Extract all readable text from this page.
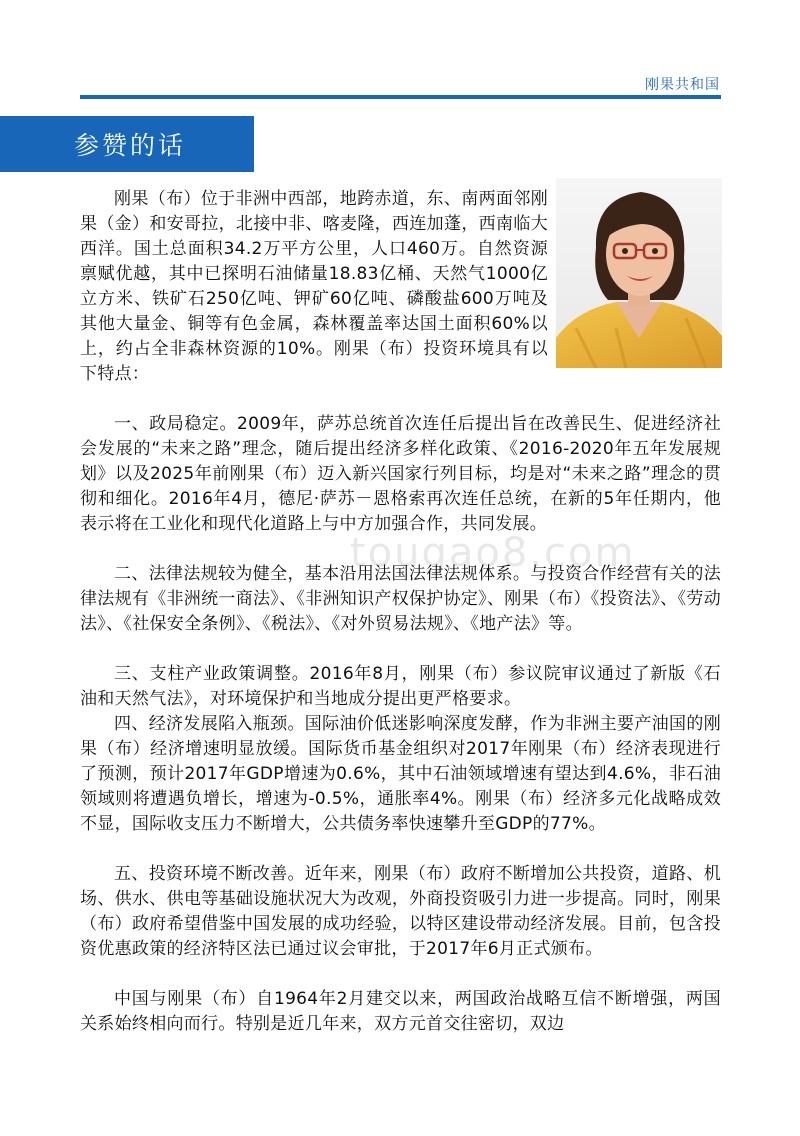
刚果共和国
参赞的话
tougao8.com

刚果（布）位于非洲中西部，地跨赤道，东、南两面邻刚果（金）和安哥拉，北接中非、喀麦隆，西连加蓬，西南临大西洋。国土总面积34.2万平方公里，人口460万。自然资源禀赋优越，其中已探明石油储量18.83亿桶、天然气1000亿立方米、铁矿石250亿吨、钾矿60亿吨、磷酸盐600万吨及其他大量金、铜等有色金属，森林覆盖率达国土面积60%以上，约占全非森林资源的10%。刚果（布）投资环境具有以下特点：

一、政局稳定。2009年，萨苏总统首次连任后提出旨在改善民生、促进经济社会发展的“未来之路”理念，随后提出经济多样化政策、《2016-2020年五年发展规划》以及2025年前刚果（布）迈入新兴国家行列目标，均是对“未来之路”理念的贯彻和细化。2016年4月，德尼·萨苏－恩格索再次连任总统，在新的5年任期内，他表示将在工业化和现代化道路上与中方加强合作，共同发展。

二、法律法规较为健全，基本沿用法国法律法规体系。与投资合作经营有关的法律法规有《非洲统一商法》、《非洲知识产权保护协定》、刚果（布）《投资法》、《劳动法》、《社保安全条例》、《税法》、《对外贸易法规》、《地产法》等。

三、支柱产业政策调整。2016年8月，刚果（布）参议院审议通过了新版《石油和天然气法》，对环境保护和当地成分提出更严格要求。

四、经济发展陷入瓶颈。国际油价低迷影响深度发酵，作为非洲主要产油国的刚果（布）经济增速明显放缓。国际货币基金组织对2017年刚果（布）经济表现进行了预测，预计2017年GDP增速为0.6%，其中石油领域增速有望达到4.6%，非石油领域则将遭遇负增长，增速为-0.5%，通胀率4%。刚果（布）经济多元化战略成效不显，国际收支压力不断增大，公共债务率快速攀升至GDP的77%。

五、投资环境不断改善。近年来，刚果（布）政府不断增加公共投资，道路、机场、供水、供电等基础设施状况大为改观，外商投资吸引力进一步提高。同时，刚果（布）政府希望借鉴中国发展的成功经验，以特区建设带动经济发展。目前，包含投资优惠政策的经济特区法已通过议会审批，于2017年6月正式颁布。

中国与刚果（布）自1964年2月建交以来，两国政治战略互信不断增强，两国关系始终相向而行。特别是近几年来，双方元首交往密切，双边
